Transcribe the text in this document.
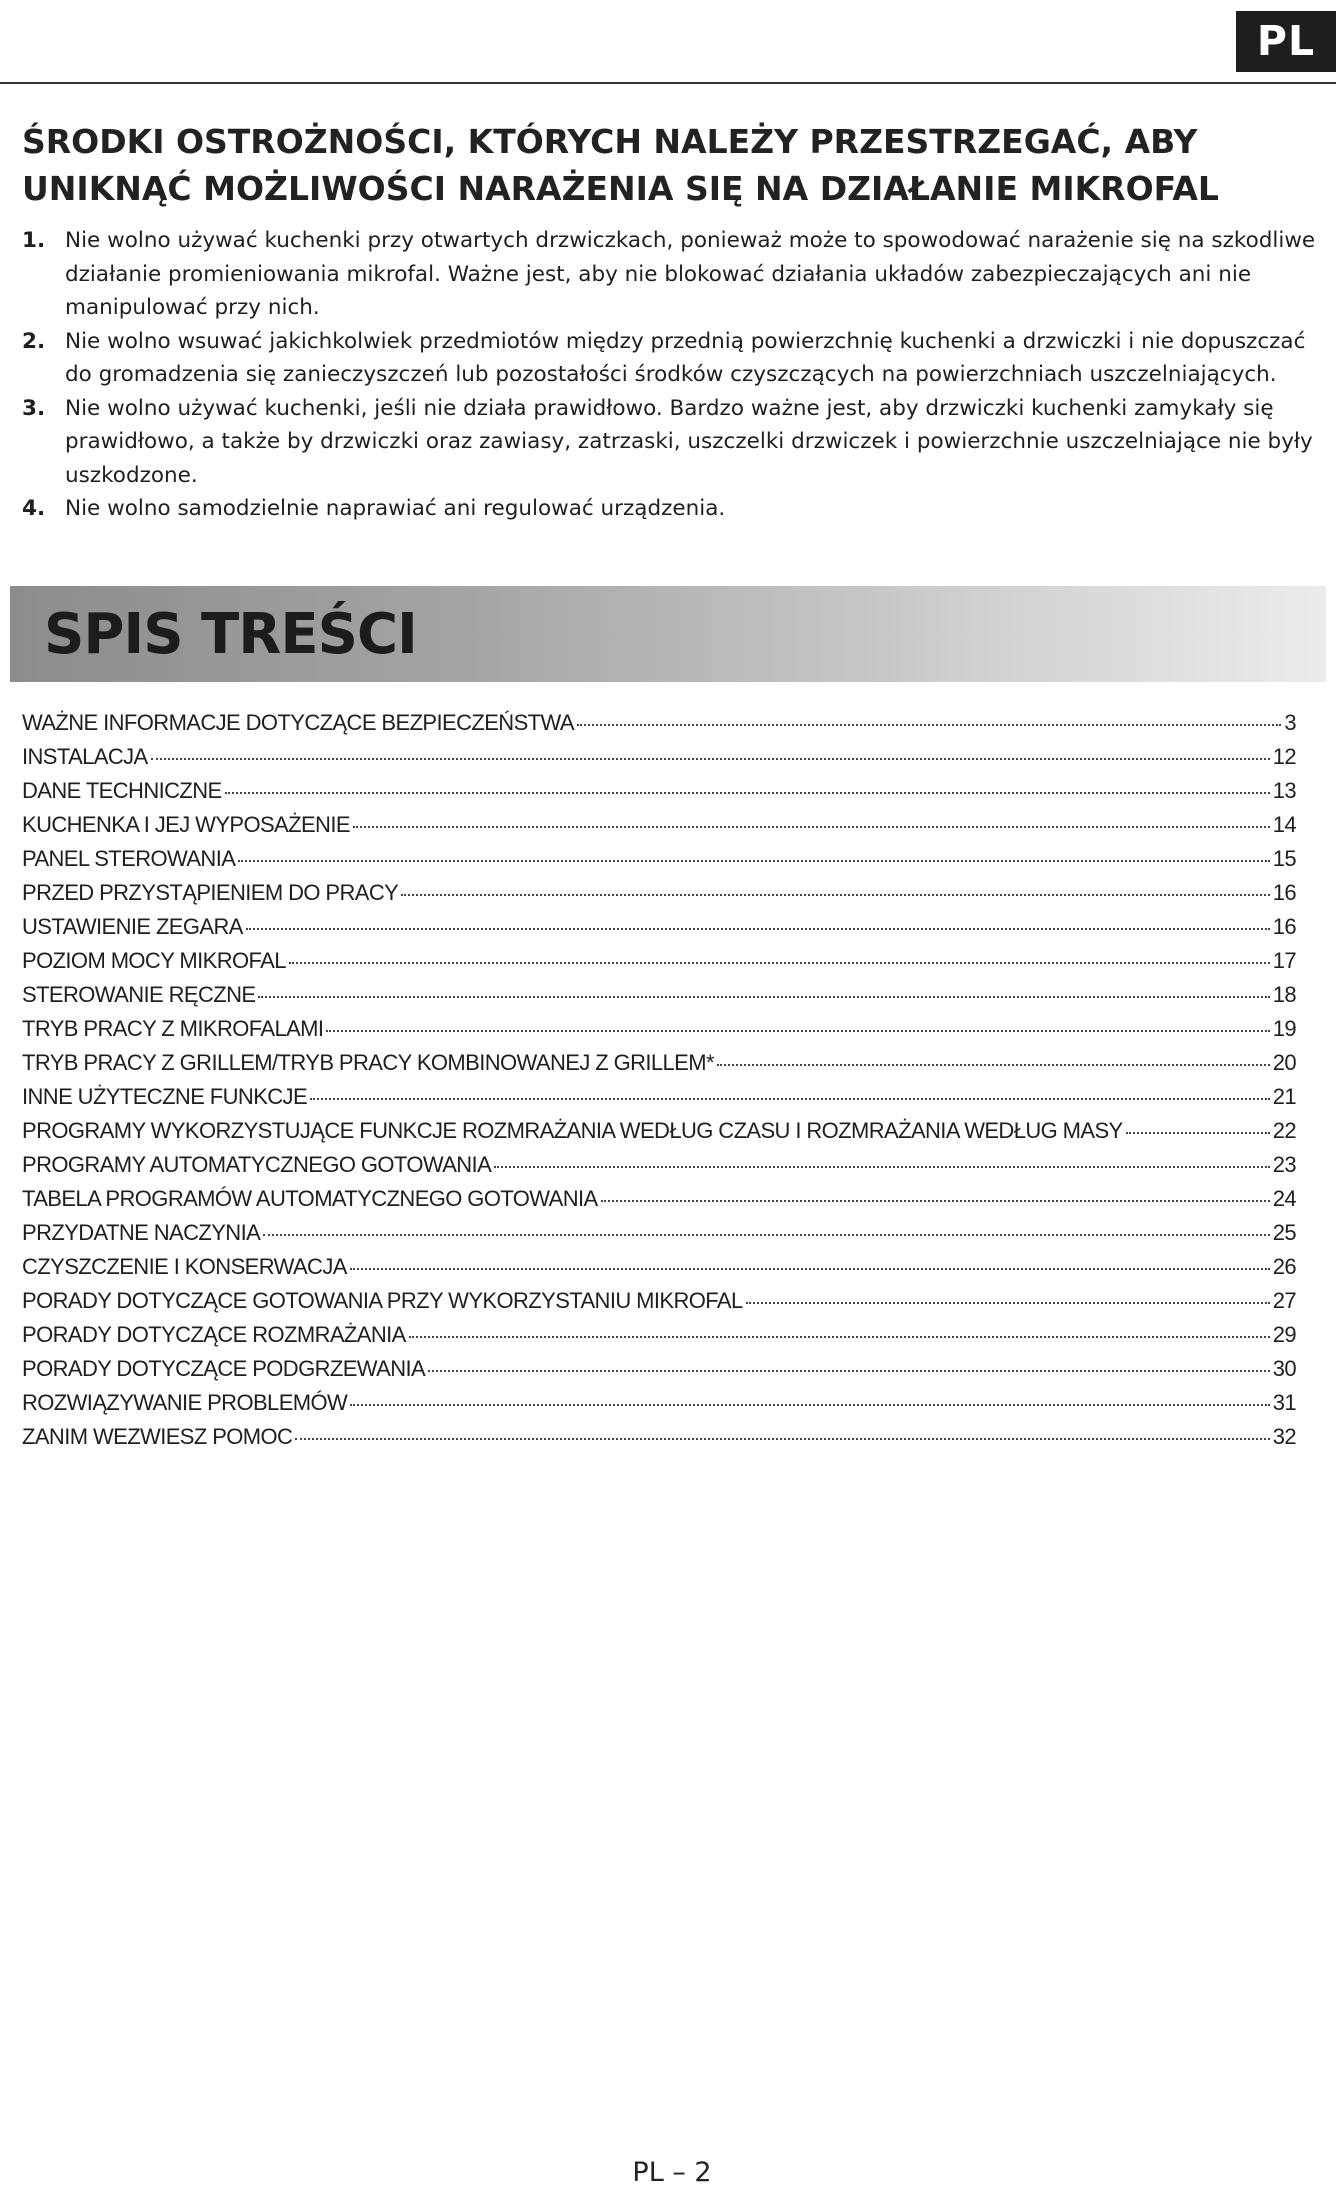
PL
ŚRODKI OSTROŻNOŚCI, KTÓRYCH NALEŻY PRZESTRZEGAĆ, ABY UNIKNĄĆ MOŻLIWOŚCI NARAŻENIA SIĘ NA DZIAŁANIE MIKROFAL
1. Nie wolno używać kuchenki przy otwartych drzwiczkach, ponieważ może to spowodować narażenie się na szkodliwe działanie promieniowania mikrofal. Ważne jest, aby nie blokować działania układów zabezpieczających ani nie manipulować przy nich.
2. Nie wolno wsuwać jakichkolwiek przedmiotów między przednią powierzchnię kuchenki a drzwiczki i nie dopuszczać do gromadzenia się zanieczyszczeń lub pozostałości środków czyszczących na powierzchniach uszczelniających.
3. Nie wolno używać kuchenki, jeśli nie działa prawidłowo. Bardzo ważne jest, aby drzwiczki kuchenki zamykały się prawidłowo, a także by drzwiczki oraz zawiasy, zatrzaski, uszczelki drzwiczek i powierzchnie uszczelniające nie były uszkodzone.
4. Nie wolno samodzielnie naprawiać ani regulować urządzenia.
SPIS TREŚCI
WAŻNE INFORMACJE DOTYCZĄCE BEZPIECZEŃSTWA	3
INSTALACJA	12
DANE TECHNICZNE	13
KUCHENKA I JEJ WYPOSAŻENIE	14
PANEL STEROWANIA	15
PRZED PRZYSTĄPIENIEM DO PRACY	16
USTAWIENIE ZEGARA	16
POZIOM MOCY MIKROFAL	17
STEROWANIE RĘCZNE	18
TRYB PRACY Z MIKROFALAMI	19
TRYB PRACY Z GRILLEM/TRYB PRACY KOMBINOWANEJ Z GRILLEM*	20
INNE UŻYTECZNE FUNKCJE	21
PROGRAMY WYKORZYSTUJĄCE FUNKCJE ROZMRAŻANIA WEDŁUG CZASU I ROZMRAŻANIA WEDŁUG MASY	22
PROGRAMY AUTOMATYCZNEGO GOTOWANIA	23
TABELA PROGRAMÓW AUTOMATYCZNEGO GOTOWANIA	24
PRZYDATNE NACZYNIA	25
CZYSZCZENIE I KONSERWACJA	26
PORADY DOTYCZĄCE GOTOWANIA PRZY WYKORZYSTANIU MIKROFAL	27
PORADY DOTYCZĄCE ROZMRAŻANIA	29
PORADY DOTYCZĄCE PODGRZEWANIA	30
ROZWIĄZYWANIE PROBLEMÓW	31
ZANIM WEZWIESZ POMOC	32
PL – 2
